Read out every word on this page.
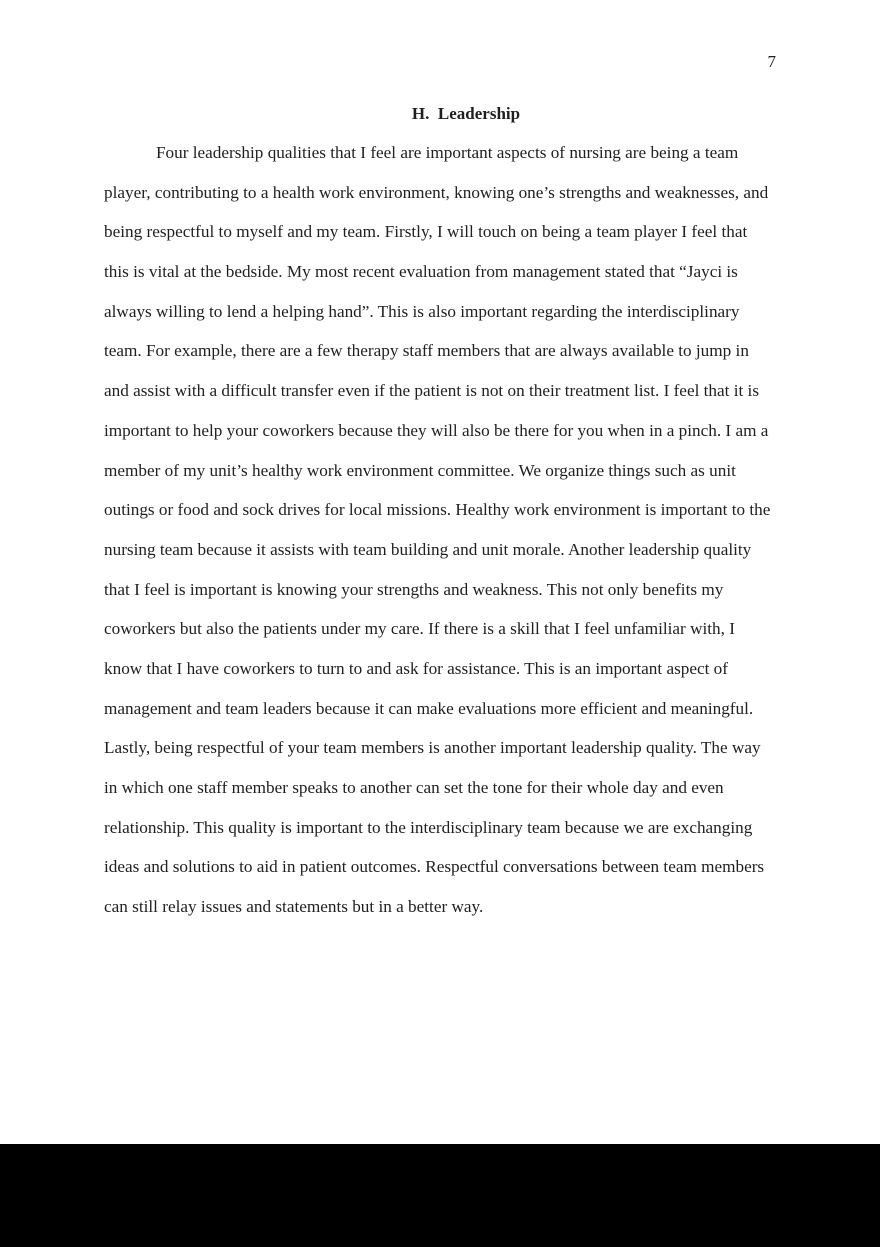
7
H.  Leadership
Four leadership qualities that I feel are important aspects of nursing are being a team
player, contributing to a health work environment, knowing one’s strengths and weaknesses, and
being respectful to myself and my team. Firstly, I will touch on being a team player I feel that
this is vital at the bedside. My most recent evaluation from management stated that “Jayci is
always willing to lend a helping hand”. This is also important regarding the interdisciplinary
team. For example, there are a few therapy staff members that are always available to jump in
and assist with a difficult transfer even if the patient is not on their treatment list. I feel that it is
important to help your coworkers because they will also be there for you when in a pinch. I am a
member of my unit’s healthy work environment committee. We organize things such as unit
outings or food and sock drives for local missions. Healthy work environment is important to the
nursing team because it assists with team building and unit morale. Another leadership quality
that I feel is important is knowing your strengths and weakness. This not only benefits my
coworkers but also the patients under my care. If there is a skill that I feel unfamiliar with, I
know that I have coworkers to turn to and ask for assistance. This is an important aspect of
management and team leaders because it can make evaluations more efficient and meaningful.
Lastly, being respectful of your team members is another important leadership quality. The way
in which one staff member speaks to another can set the tone for their whole day and even
relationship. This quality is important to the interdisciplinary team because we are exchanging
ideas and solutions to aid in patient outcomes. Respectful conversations between team members
can still relay issues and statements but in a better way.
